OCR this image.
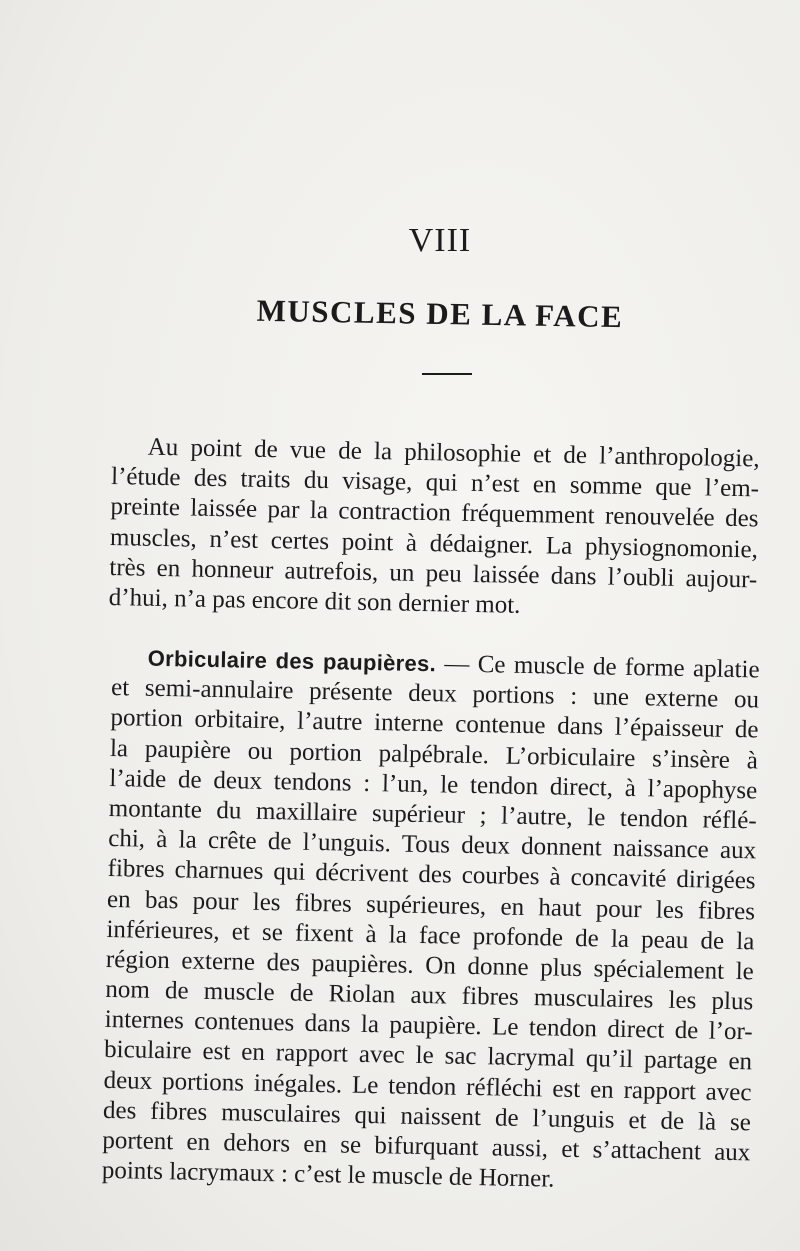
VIII
MUSCLES DE LA FACE
Au point de vue de la philosophie et de l’anthropologie,
l’étude des traits du visage, qui n’est en somme que l’em-
preinte laissée par la contraction fréquemment renouvelée des
muscles, n’est certes point à dédaigner. La physiognomonie,
très en honneur autrefois, un peu laissée dans l’oubli aujour-
d’hui, n’a pas encore dit son dernier mot.
Orbiculaire des paupières. — Ce muscle de forme aplatie
et semi-annulaire présente deux portions : une externe ou
portion orbitaire, l’autre interne contenue dans l’épaisseur de
la paupière ou portion palpébrale. L’orbiculaire s’insère à
l’aide de deux tendons : l’un, le tendon direct, à l’apophyse
montante du maxillaire supérieur ; l’autre, le tendon réflé-
chi, à la crête de l’unguis. Tous deux donnent naissance aux
fibres charnues qui décrivent des courbes à concavité dirigées
en bas pour les fibres supérieures, en haut pour les fibres
inférieures, et se fixent à la face profonde de la peau de la
région externe des paupières. On donne plus spécialement le
nom de muscle de Riolan aux fibres musculaires les plus
internes contenues dans la paupière. Le tendon direct de l’or-
biculaire est en rapport avec le sac lacrymal qu’il partage en
deux portions inégales. Le tendon réfléchi est en rapport avec
des fibres musculaires qui naissent de l’unguis et de là se
portent en dehors en se bifurquant aussi, et s’attachent aux
points lacrymaux : c’est le muscle de Horner.
